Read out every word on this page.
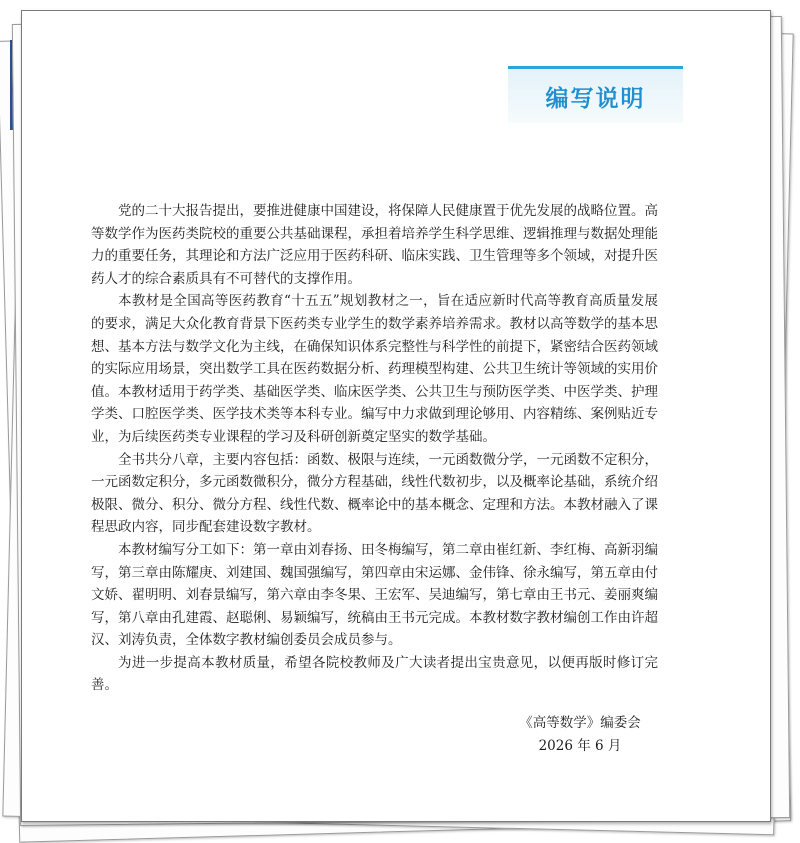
编写说明

党的二十大报告提出，要推进健康中国建设，将保障人民健康置于优先发展的战略位置。高等数学作为医药类院校的重要公共基础课程，承担着培养学生科学思维、逻辑推理与数据处理能力的重要任务，其理论和方法广泛应用于医药科研、临床实践、卫生管理等多个领域，对提升医药人才的综合素质具有不可替代的支撑作用。

本教材是全国高等医药教育“十五五”规划教材之一，旨在适应新时代高等教育高质量发展的要求，满足大众化教育背景下医药类专业学生的数学素养培养需求。教材以高等数学的基本思想、基本方法与数学文化为主线，在确保知识体系完整性与科学性的前提下，紧密结合医药领域的实际应用场景，突出数学工具在医药数据分析、药理模型构建、公共卫生统计等领域的实用价值。本教材适用于药学类、基础医学类、临床医学类、公共卫生与预防医学类、中医学类、护理学类、口腔医学类、医学技术类等本科专业。编写中力求做到理论够用、内容精练、案例贴近专业，为后续医药类专业课程的学习及科研创新奠定坚实的数学基础。

全书共分八章，主要内容包括：函数、极限与连续，一元函数微分学，一元函数不定积分，一元函数定积分，多元函数微积分，微分方程基础，线性代数初步，以及概率论基础，系统介绍极限、微分、积分、微分方程、线性代数、概率论中的基本概念、定理和方法。本教材融入了课程思政内容，同步配套建设数字教材。

本教材编写分工如下：第一章由刘春扬、田冬梅编写，第二章由崔红新、李红梅、高新羽编写，第三章由陈耀庚、刘建国、魏国强编写，第四章由宋运娜、金伟锋、徐永编写，第五章由付文娇、翟明明、刘春景编写，第六章由李冬果、王宏军、吴迪编写，第七章由王书元、姜丽爽编写，第八章由孔建霞、赵聪俐、易颖编写，统稿由王书元完成。本教材数字教材编创工作由许超汉、刘涛负责，全体数字教材编创委员会成员参与。

为进一步提高本教材质量，希望各院校教师及广大读者提出宝贵意见，以便再版时修订完善。

《高等数学》编委会
2026 年 6 月
